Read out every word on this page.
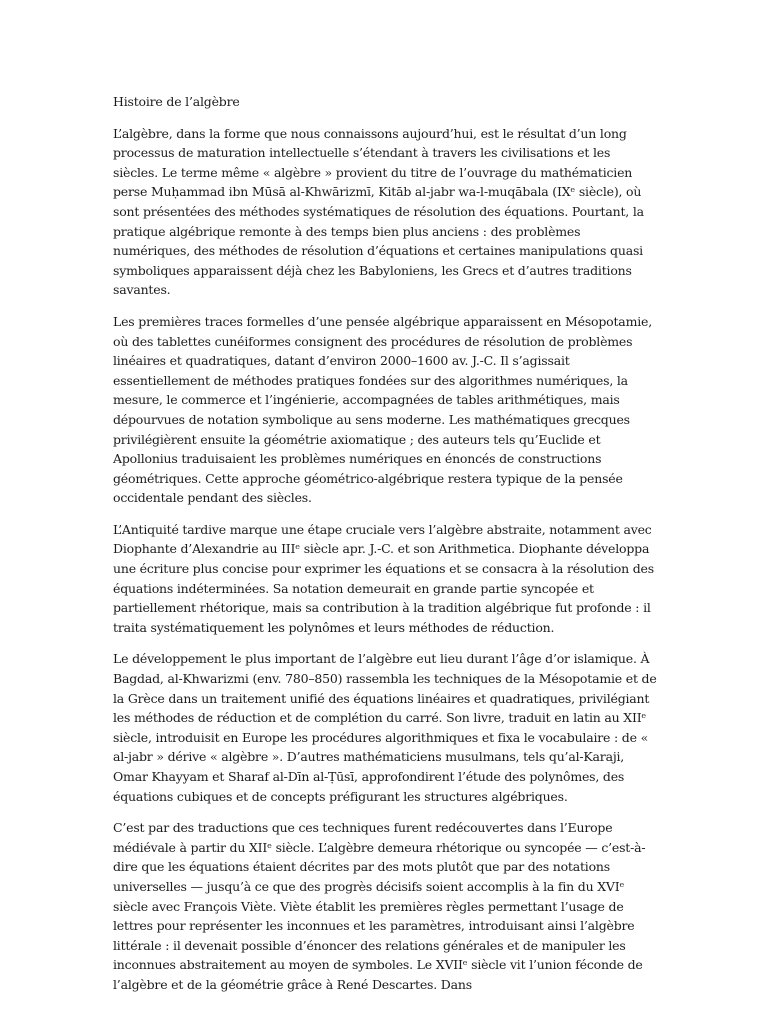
Histoire de l’algèbre

L’algèbre, dans la forme que nous connaissons aujourd’hui, est le résultat d’un long processus de maturation intellectuelle s’étendant à travers les civilisations et les siècles. Le terme même « algèbre » provient du titre de l’ouvrage du mathématicien perse Muḥammad ibn Mūsā al-Khwārizmī, Kitāb al-jabr wa-l-muqābala (IXᵉ siècle), où sont présentées des méthodes systématiques de résolution des équations. Pourtant, la pratique algébrique remonte à des temps bien plus anciens : des problèmes numériques, des méthodes de résolution d’équations et certaines manipulations quasi symboliques apparaissent déjà chez les Babyloniens, les Grecs et d’autres traditions savantes.

Les premières traces formelles d’une pensée algébrique apparaissent en Mésopotamie, où des tablettes cunéiformes consignent des procédures de résolution de problèmes linéaires et quadratiques, datant d’environ 2000–1600 av. J.-C. Il s’agissait essentiellement de méthodes pratiques fondées sur des algorithmes numériques, la mesure, le commerce et l’ingénierie, accompagnées de tables arithmétiques, mais dépourvues de notation symbolique au sens moderne. Les mathématiques grecques privilégièrent ensuite la géométrie axiomatique ; des auteurs tels qu’Euclide et Apollonius traduisaient les problèmes numériques en énoncés de constructions géométriques. Cette approche géométrico-algébrique restera typique de la pensée occidentale pendant des siècles.

L’Antiquité tardive marque une étape cruciale vers l’algèbre abstraite, notamment avec Diophante d’Alexandrie au IIIᵉ siècle apr. J.-C. et son Arithmetica. Diophante développa une écriture plus concise pour exprimer les équations et se consacra à la résolution des équations indéterminées. Sa notation demeurait en grande partie syncopée et partiellement rhétorique, mais sa contribution à la tradition algébrique fut profonde : il traita systématiquement les polynômes et leurs méthodes de réduction.

Le développement le plus important de l’algèbre eut lieu durant l’âge d’or islamique. À Bagdad, al-Khwarizmi (env. 780–850) rassembla les techniques de la Mésopotamie et de la Grèce dans un traitement unifié des équations linéaires et quadratiques, privilégiant les méthodes de réduction et de complétion du carré. Son livre, traduit en latin au XIIᵉ siècle, introduisit en Europe les procédures algorithmiques et fixa le vocabulaire : de « al-jabr » dérive « algèbre ». D’autres mathématiciens musulmans, tels qu’al-Karaji, Omar Khayyam et Sharaf al-Dīn al-Ṭūsī, approfondirent l’étude des polynômes, des équations cubiques et de concepts préfigurant les structures algébriques.

C’est par des traductions que ces techniques furent redécouvertes dans l’Europe médiévale à partir du XIIᵉ siècle. L’algèbre demeura rhétorique ou syncopée — c’est-à-dire que les équations étaient décrites par des mots plutôt que par des notations universelles — jusqu’à ce que des progrès décisifs soient accomplis à la fin du XVIᵉ siècle avec François Viète. Viète établit les premières règles permettant l’usage de lettres pour représenter les inconnues et les paramètres, introduisant ainsi l’algèbre littérale : il devenait possible d’énoncer des relations générales et de manipuler les inconnues abstraitement au moyen de symboles. Le XVIIᵉ siècle vit l’union féconde de l’algèbre et de la géométrie grâce à René Descartes. Dans
